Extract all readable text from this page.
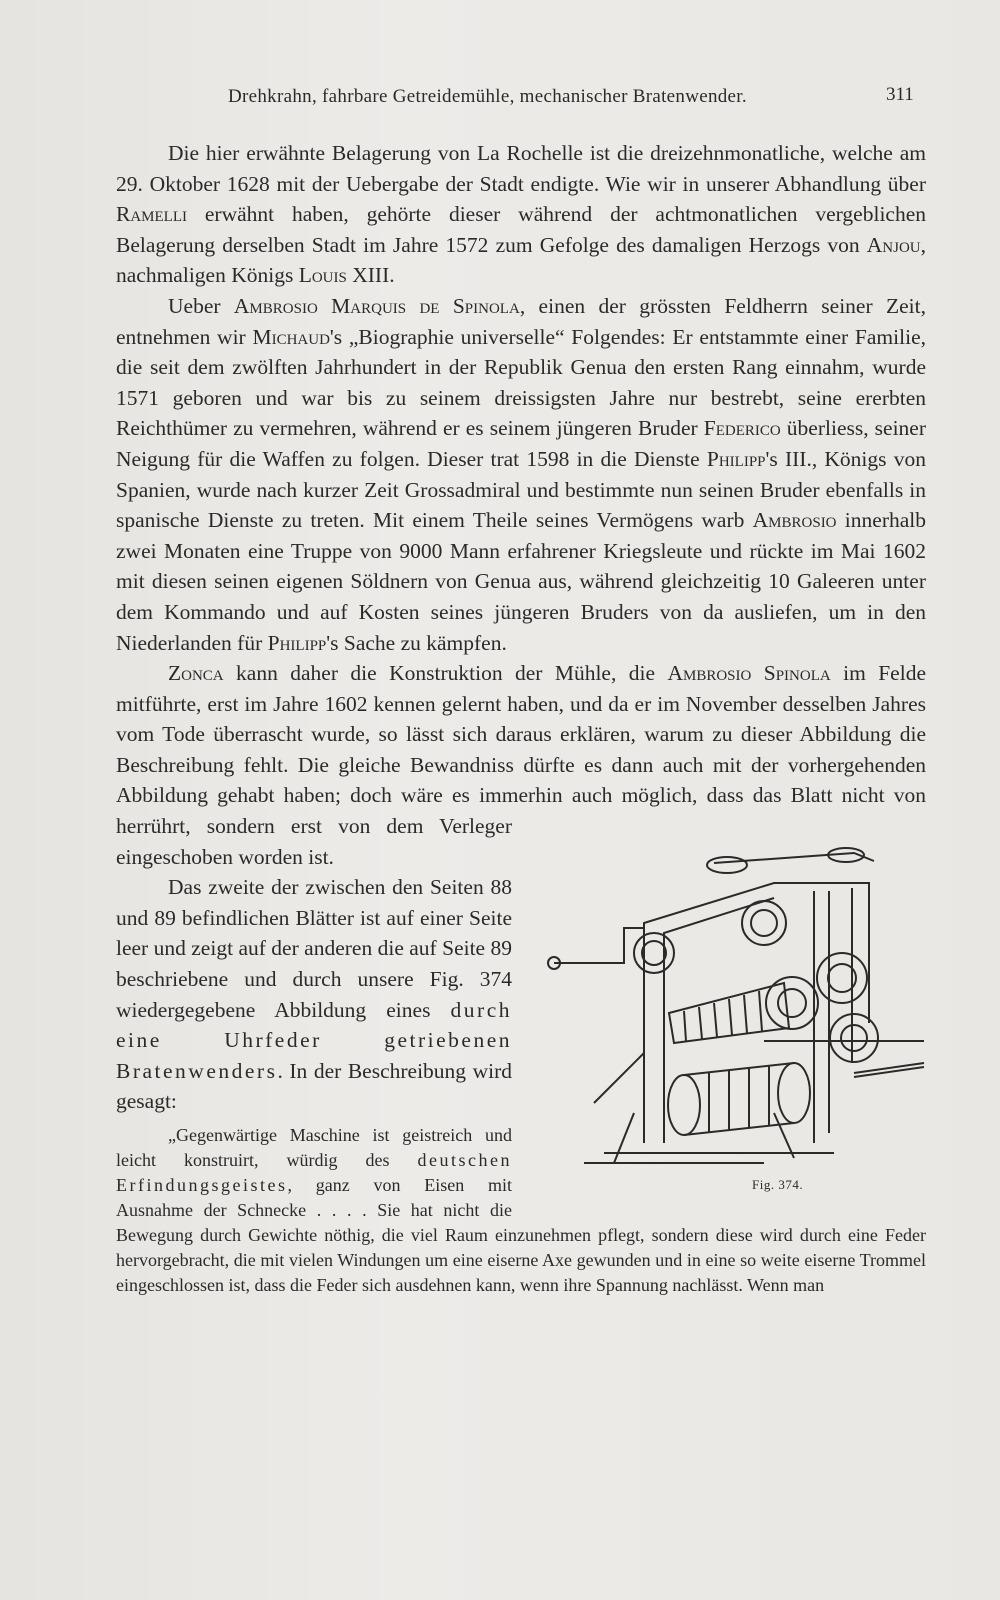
Drehkrahn, fahrbare Getreidemühle, mechanischer Bratenwender.	311

Die hier erwähnte Belagerung von La Rochelle ist die dreizehnmonatliche, welche am 29. Oktober 1628 mit der Uebergabe der Stadt endigte. Wie wir in unserer Abhandlung über Ramelli erwähnt haben, gehörte dieser während der achtmonatlichen vergeblichen Belagerung derselben Stadt im Jahre 1572 zum Gefolge des damaligen Herzogs von Anjou, nachmaligen Königs Louis XIII.

Ueber Ambrosio Marquis de Spinola, einen der grössten Feldherrn seiner Zeit, entnehmen wir Michaud's „Biographie universelle“ Folgendes: Er entstammte einer Familie, die seit dem zwölften Jahrhundert in der Republik Genua den ersten Rang einnahm, wurde 1571 geboren und war bis zu seinem dreissigsten Jahre nur bestrebt, seine ererbten Reichthümer zu vermehren, während er es seinem jüngeren Bruder Federico überliess, seiner Neigung für die Waffen zu folgen. Dieser trat 1598 in die Dienste Philipp's III., Königs von Spanien, wurde nach kurzer Zeit Grossadmiral und bestimmte nun seinen Bruder ebenfalls in spanische Dienste zu treten. Mit einem Theile seines Vermögens warb Ambrosio innerhalb zwei Monaten eine Truppe von 9000 Mann erfahrener Kriegsleute und rückte im Mai 1602 mit diesen seinen eigenen Söldnern von Genua aus, während gleichzeitig 10 Galeeren unter dem Kommando und auf Kosten seines jüngeren Bruders von da ausliefen, um in den Niederlanden für Philipp's Sache zu kämpfen.

Zonca kann daher die Konstruktion der Mühle, die Ambrosio Spinola im Felde mitführte, erst im Jahre 1602 kennen gelernt haben, und da er im November desselben Jahres vom Tode überrascht wurde, so lässt sich daraus erklären, warum zu dieser Abbildung die Beschreibung fehlt. Die gleiche Bewandniss dürfte es dann auch mit der vorhergehenden Abbildung gehabt haben; doch wäre es immerhin auch möglich, dass das Blatt nicht von
Fig. 374.
herrührt, sondern erst von dem Verleger eingeschoben worden ist.

Das zweite der zwischen den Seiten 88 und 89 befindlichen Blätter ist auf einer Seite leer und zeigt auf der anderen die auf Seite 89 beschriebene und durch unsere Fig. 374 wiedergegebene Abbildung eines durch eine Uhrfeder getriebenen Bratenwenders. In der Beschreibung wird gesagt:

„Gegenwärtige Maschine ist geistreich und leicht konstruirt, würdig des deutschen Erfindungsgeistes, ganz von Eisen mit Ausnahme der Schnecke . . . . Sie hat nicht die Bewegung durch Gewichte nöthig, die viel Raum einzunehmen pflegt, sondern diese wird durch eine Feder hervorgebracht, die mit vielen Windungen um eine eiserne Axe gewunden und in eine so weite eiserne Trommel eingeschlossen ist, dass die Feder sich ausdehnen kann, wenn ihre Spannung nachlässt. Wenn man
